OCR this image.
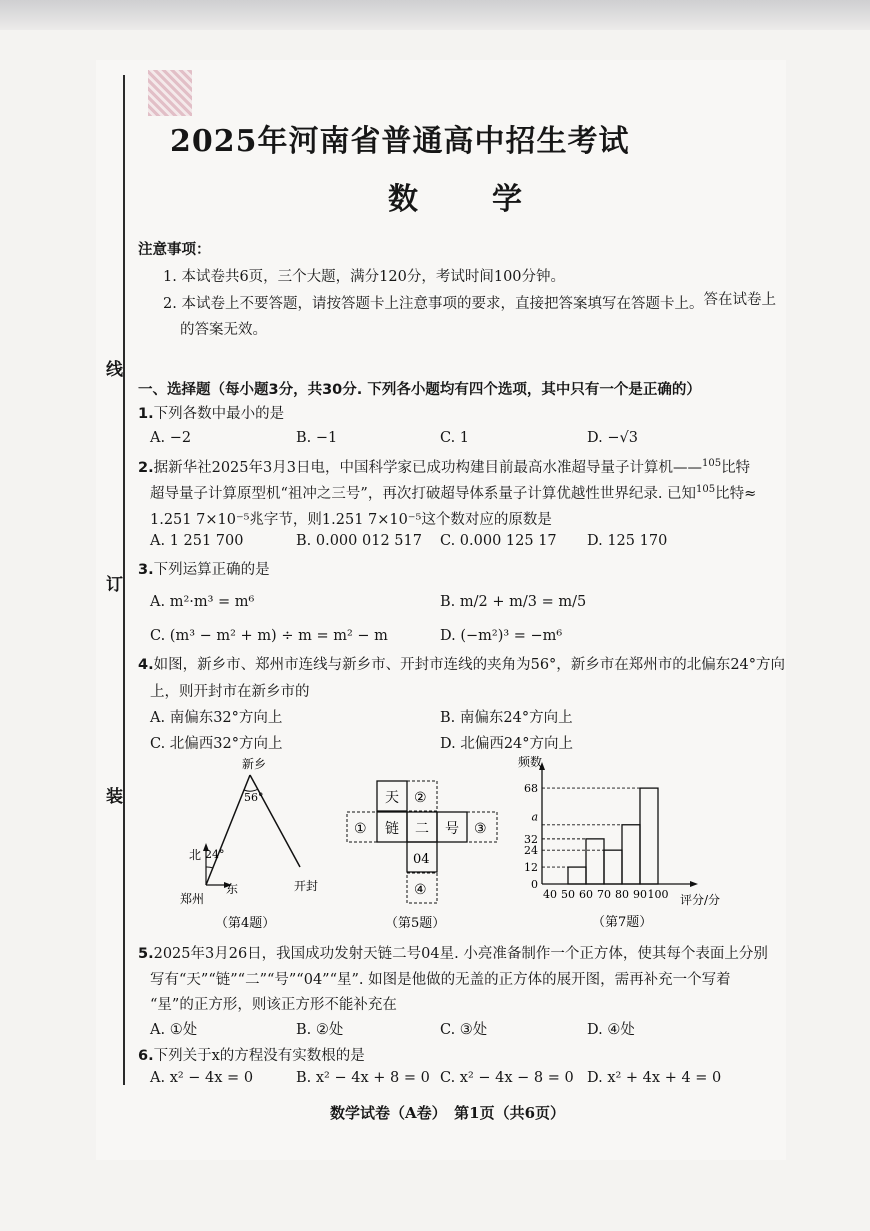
线
订
装
2025年河南省普通高中招生考试
数　学
注意事项：
1. 本试卷共6页，三个大题，满分120分，考试时间100分钟。
2. 本试卷上不要答题，请按答题卡上注意事项的要求，直接把答案填写在答题卡上。答在试卷上
的答案无效。
一、选择题（每小题3分，共30分. 下列各小题均有四个选项，其中只有一个是正确的）
1.下列各数中最小的是
A. −2	B. −1	C. 1	D. −√3
2.据新华社2025年3月3日电，中国科学家已成功构建目前最高水准超导量子计算机——$^{105}$比特
超导量子计算原型机“祖冲之三号”，再次打破超导体系量子计算优越性世界纪录. 已知$^{105}$比特≈
1.251 7×10⁻⁵兆字节，则1.251 7×10⁻⁵这个数对应的原数是
A. 1 251 700	B. 0.000 012 517 C. 0.000 125 17 D. 125 170
3.下列运算正确的是
A. m²·m³ = m⁶	B. m/2 + m/3 = m/5
C. (m³ − m² + m) ÷ m = m² − m	D. (−m²)³ = −m⁶
4.如图，新乡市、郑州市连线与新乡市、开封市连线的夹角为56°，新乡市在郑州市的北偏东24°方向
上，则开封市在新乡市的
A. 南偏东32°方向上	B. 南偏东24°方向上
C. 北偏西32°方向上	D. 北偏西24°方向上
新乡
56°
北 24°
东
郑州
开封
（第4题）
天 ②
① 链 二 号 ③
04
④
（第5题）
0
12
24
32
a
68
40 50 60 70 80 90 100
频数
评分/分
（第7题）
5.2025年3月26日，我国成功发射天链二号04星. 小亮准备制作一个正方体，使其每个表面上分别
写有“天”“链”“二”“号”“04”“星”. 如图是他做的无盖的正方体的展开图，需再补充一个写着
“星”的正方形，则该正方形不能补充在
A. ①处	B. ②处	C. ③处	D. ④处
6.下列关于x的方程没有实数根的是
A. x² − 4x = 0	B. x² − 4x + 8 = 0 C. x² − 4x − 8 = 0 D. x² + 4x + 4 = 0
数学试卷（A卷）　第1页（共6页）
